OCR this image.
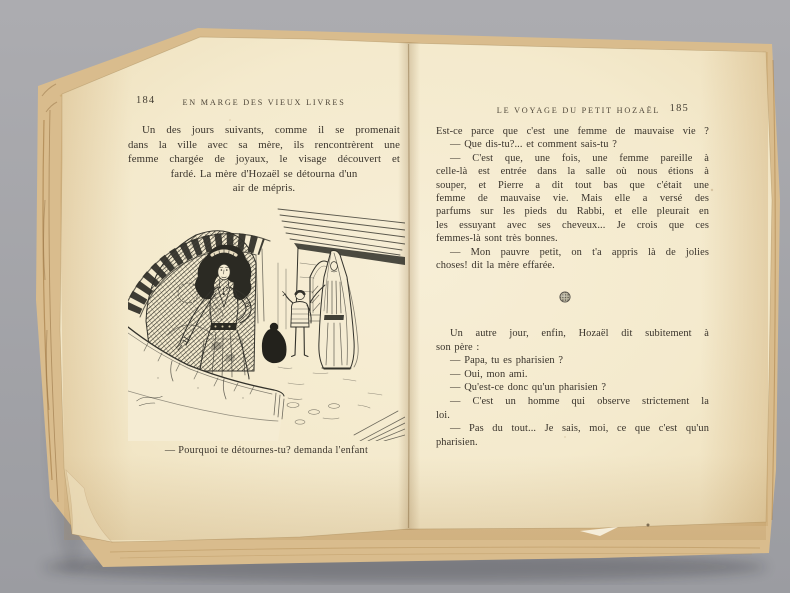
184	EN MARGE DES VIEUX LIVRES
Un des jours suivants, comme il se promenait
dans la ville avec sa mère, ils rencontrèrent une
femme chargée de joyaux, le visage découvert et
fardé. La mère d'Hozaël se détourna d'un
air de mépris.
— Pourquoi te détournes-tu? demanda l'enfant
LE VOYAGE DU PETIT HOZAËL 185
Est-ce parce que c'est une femme de mauvaise vie ?
— Que dis-tu?... et comment sais-tu ?
— C'est que, une fois, une femme pareille à
celle-là est entrée dans la salle où nous étions à
souper, et Pierre a dit tout bas que c'était une
femme de mauvaise vie. Mais elle a versé des
parfums sur les pieds du Rabbi, et elle pleurait en
les essuyant avec ses cheveux... Je crois que ces
femmes-là sont très bonnes.
— Mon pauvre petit, on t'a appris là de jolies
choses! dit la mère effarée.
Un autre jour, enfin, Hozaël dit subitement à
son père :
— Papa, tu es pharisien ?
— Oui, mon ami.
— Qu'est-ce donc qu'un pharisien ?
— C'est un homme qui observe strictement la
loi.
— Pas du tout... Je sais, moi, ce que c'est qu'un
pharisien.
